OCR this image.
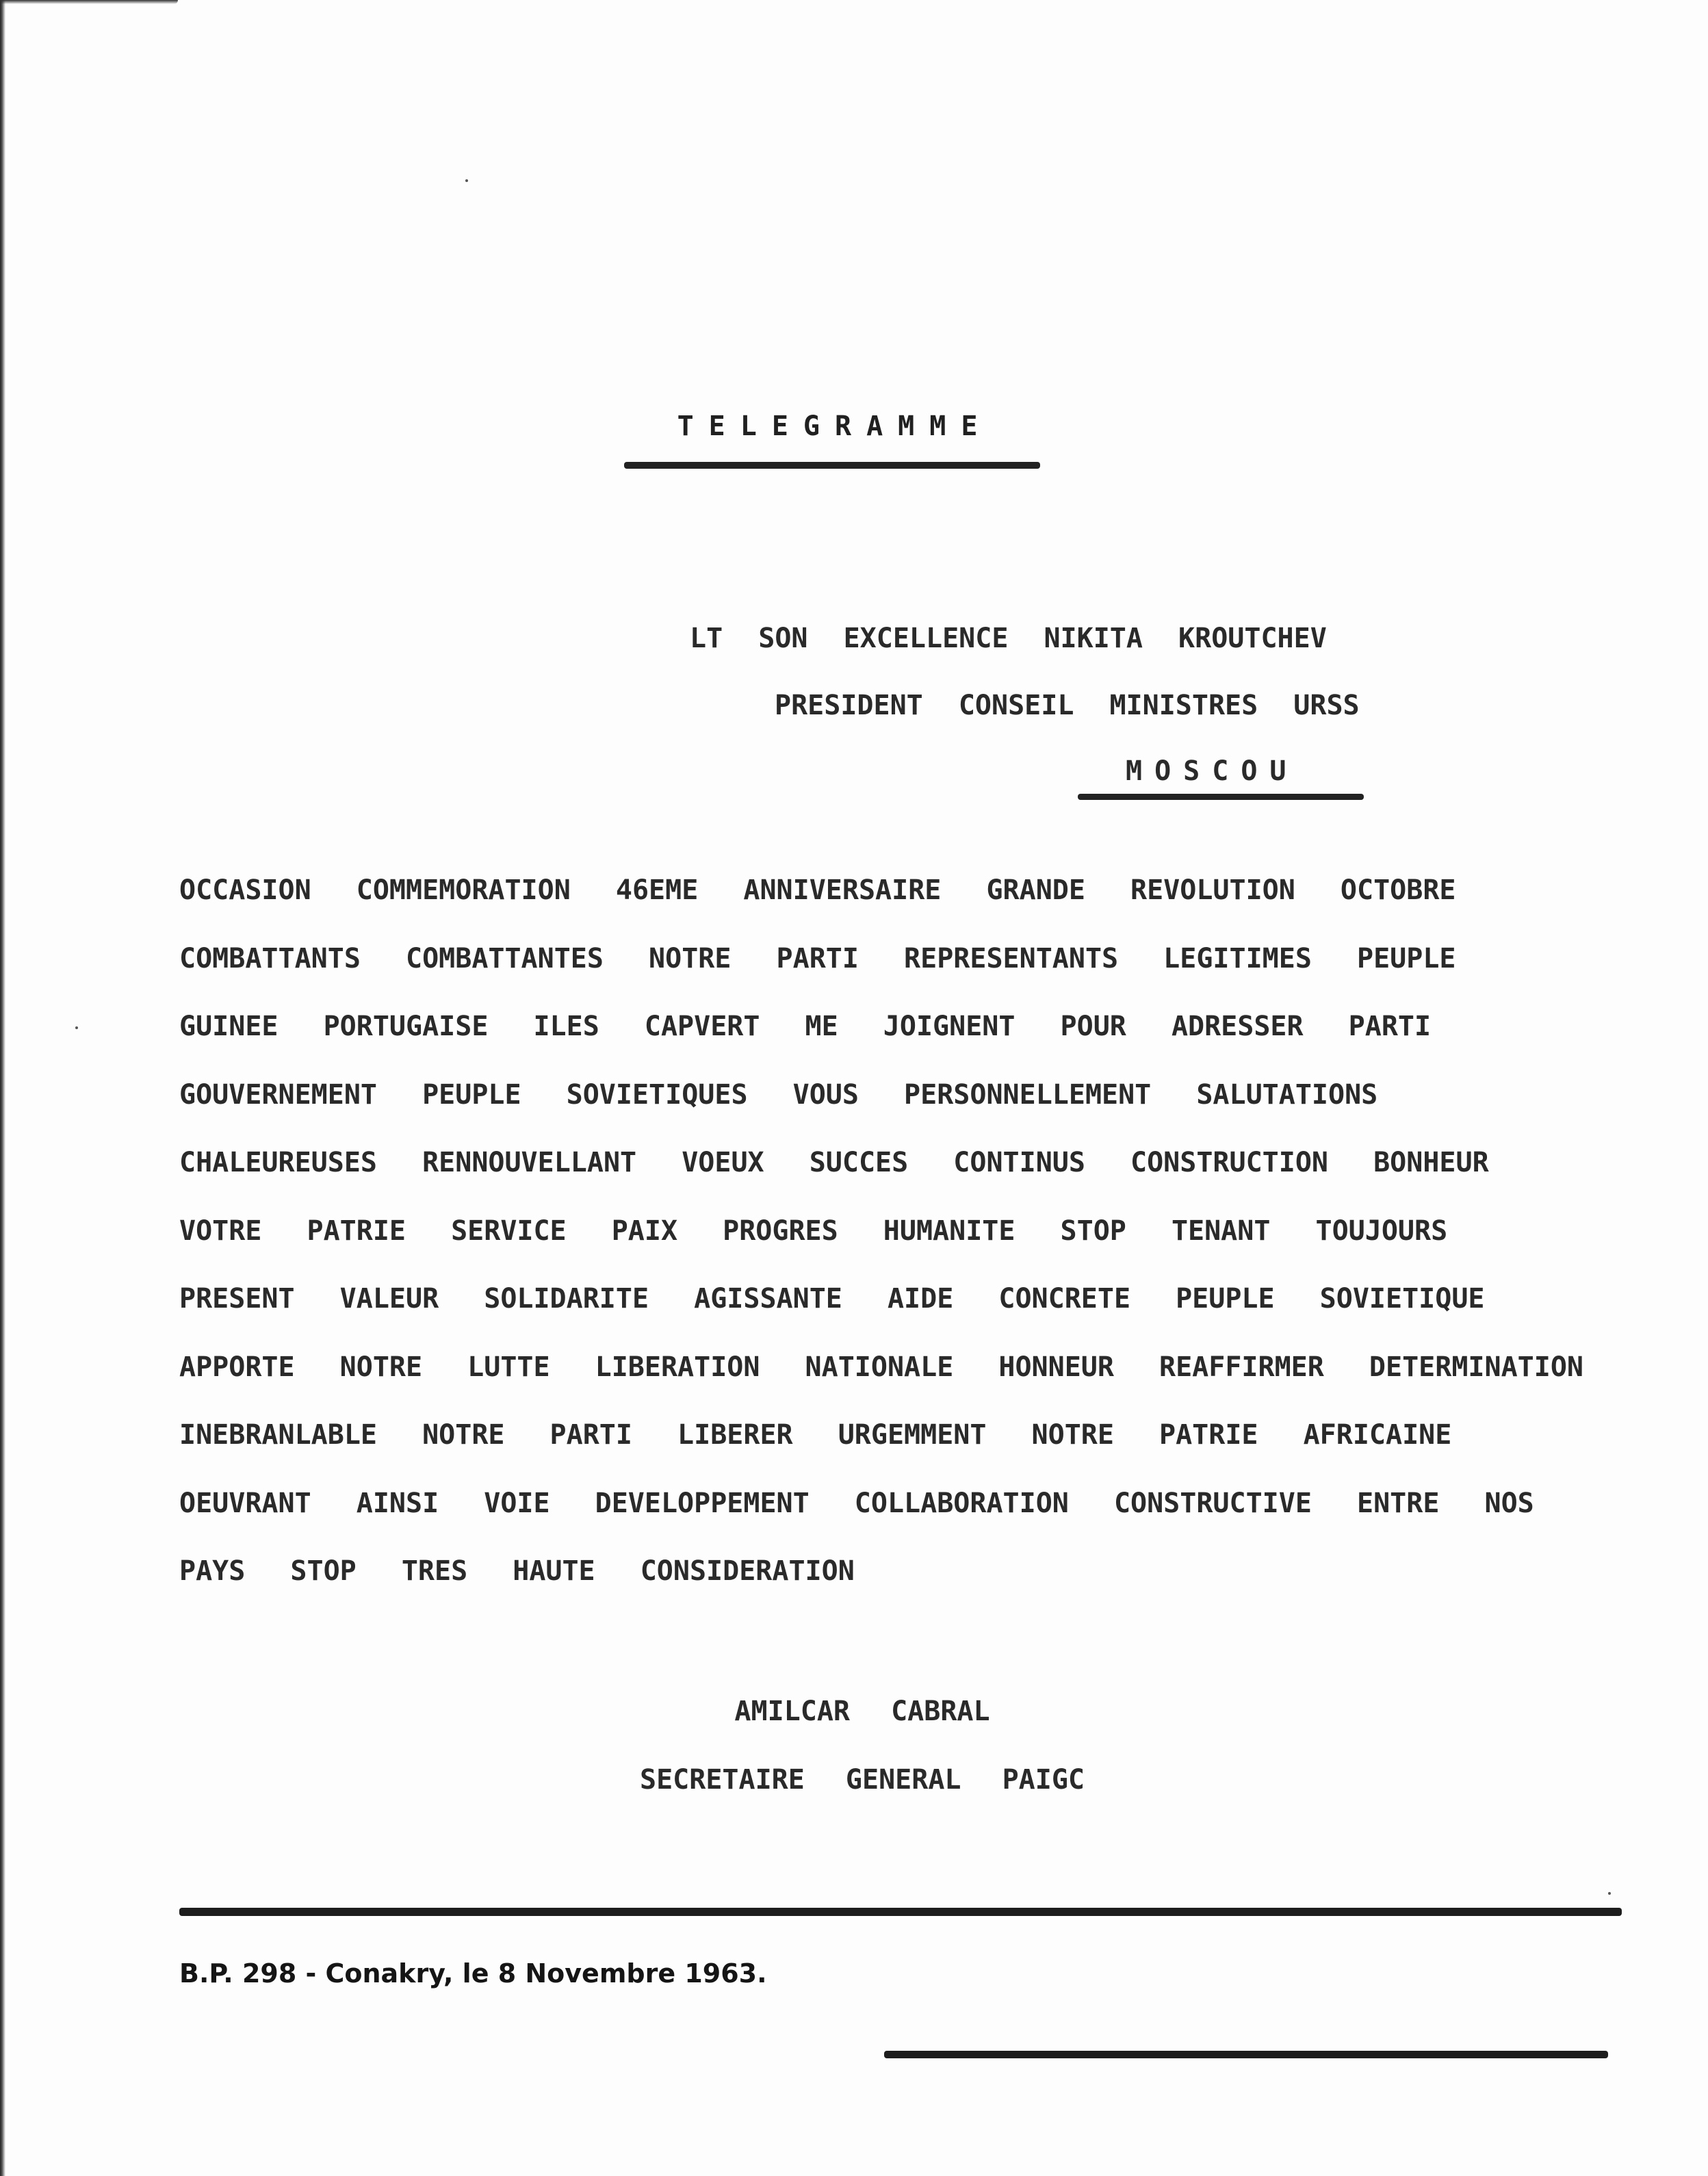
TELEGRAMME
LT SON EXCELLENCE NIKITA KROUTCHEV
PRESIDENT CONSEIL MINISTRES URSS
MOSCOU
OCCASION COMMEMORATION 46EME ANNIVERSAIRE GRANDE REVOLUTION OCTOBRE
COMBATTANTS COMBATTANTES NOTRE PARTI REPRESENTANTS LEGITIMES PEUPLE
GUINEE PORTUGAISE ILES CAPVERT ME JOIGNENT POUR ADRESSER PARTI
GOUVERNEMENT PEUPLE SOVIETIQUES VOUS PERSONNELLEMENT SALUTATIONS
CHALEUREUSES RENNOUVELLANT VOEUX SUCCES CONTINUS CONSTRUCTION BONHEUR
VOTRE PATRIE SERVICE PAIX PROGRES HUMANITE STOP TENANT TOUJOURS
PRESENT VALEUR SOLIDARITE AGISSANTE AIDE CONCRETE PEUPLE SOVIETIQUE
APPORTE NOTRE LUTTE LIBERATION NATIONALE HONNEUR REAFFIRMER DETERMINATION
INEBRANLABLE NOTRE PARTI LIBERER URGEMMENT NOTRE PATRIE AFRICAINE
OEUVRANT AINSI VOIE DEVELOPPEMENT COLLABORATION CONSTRUCTIVE ENTRE NOS
PAYS STOP TRES HAUTE CONSIDERATION
AMILCAR CABRAL
SECRETAIRE GENERAL PAIGC
B.P. 298 - Conakry, le 8 Novembre 1963.
